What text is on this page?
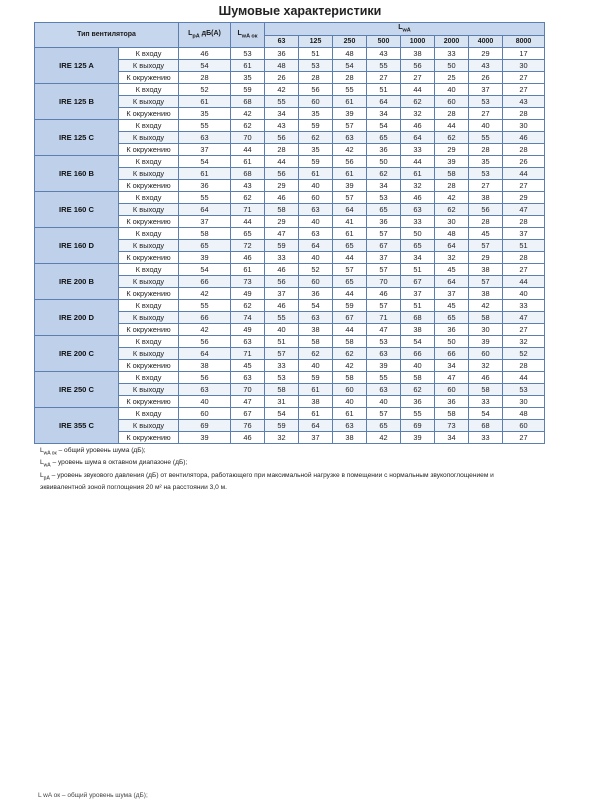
Шумовые характеристики
Тип вентилятора		$L_{pA}$ дБ(A)	$L_{wA ок}$	$L_{wA}$
				63	125	250	500	1000	2000	4000	8000
IRE 125 A	К входу	46	53	36	51	48	43	38	33	29	17
	К выходу	54	61	48	53	54	55	56	50	43	30
	К окружению	28	35	26	28	28	27	27	25	26	27
IRE 125 B	К входу	52	59	42	56	55	51	44	40	37	27
	К выходу	61	68	55	60	61	64	62	60	53	43
	К окружению	35	42	34	35	39	34	32	28	27	28
IRE 125 C	К входу	55	62	43	59	57	54	46	44	40	30
	К выходу	63	70	56	62	63	65	64	62	55	46
	К окружению	37	44	28	35	42	36	33	29	28	28
IRE 160 B	К входу	54	61	44	59	56	50	44	39	35	26
	К выходу	61	68	56	61	61	62	61	58	53	44
	К окружению	36	43	29	40	39	34	32	28	27	27
IRE 160 C	К входу	55	62	46	60	57	53	46	42	38	29
	К выходу	64	71	58	63	64	65	63	62	56	47
	К окружению	37	44	29	40	41	36	33	30	28	28
IRE 160 D	К входу	58	65	47	63	61	57	50	48	45	37
	К выходу	65	72	59	64	65	67	65	64	57	51
	К окружению	39	46	33	40	44	37	34	32	29	28
IRE 200 B	К входу	54	61	46	52	57	57	51	45	38	27
	К выходу	66	73	56	60	65	70	67	64	57	44
	К окружению	42	49	37	36	44	46	37	37	38	40
IRE 200 D	К входу	55	62	46	54	59	57	51	45	42	33
	К выходу	66	74	55	63	67	71	68	65	58	47
	К окружению	42	49	40	38	44	47	38	36	30	27
IRE 200 C	К входу	56	63	51	58	58	53	54	50	39	32
	К выходу	64	71	57	62	62	63	66	66	60	52
	К окружению	38	45	33	40	42	39	40	34	32	28
IRE 250 C	К входу	56	63	53	59	58	55	58	47	46	44
	К выходу	63	70	58	61	60	63	62	60	58	53
	К окружению	40	47	31	38	40	40	36	36	33	30
IRE 355 C	К входу	60	67	54	61	61	57	55	58	54	48
	К выходу	69	76	59	64	63	65	69	73	68	60
	К окружению	39	46	32	37	38	42	39	34	33	27

$L_{wA ок}$ – общий уровень шума (дБ);

$L_{wA}$ – уровень шума в октавном диапазоне (дБ);

$L_{pA}$ – уровень звукового давления (дБ) от вентилятора, работающего при максимальной нагрузке в помещении с нормальным звукопоглощением и эквивалентной зоной поглощения 20 м² на расстоянии 3,0 м.

L wA ок – общий уровень шума (дБ);
